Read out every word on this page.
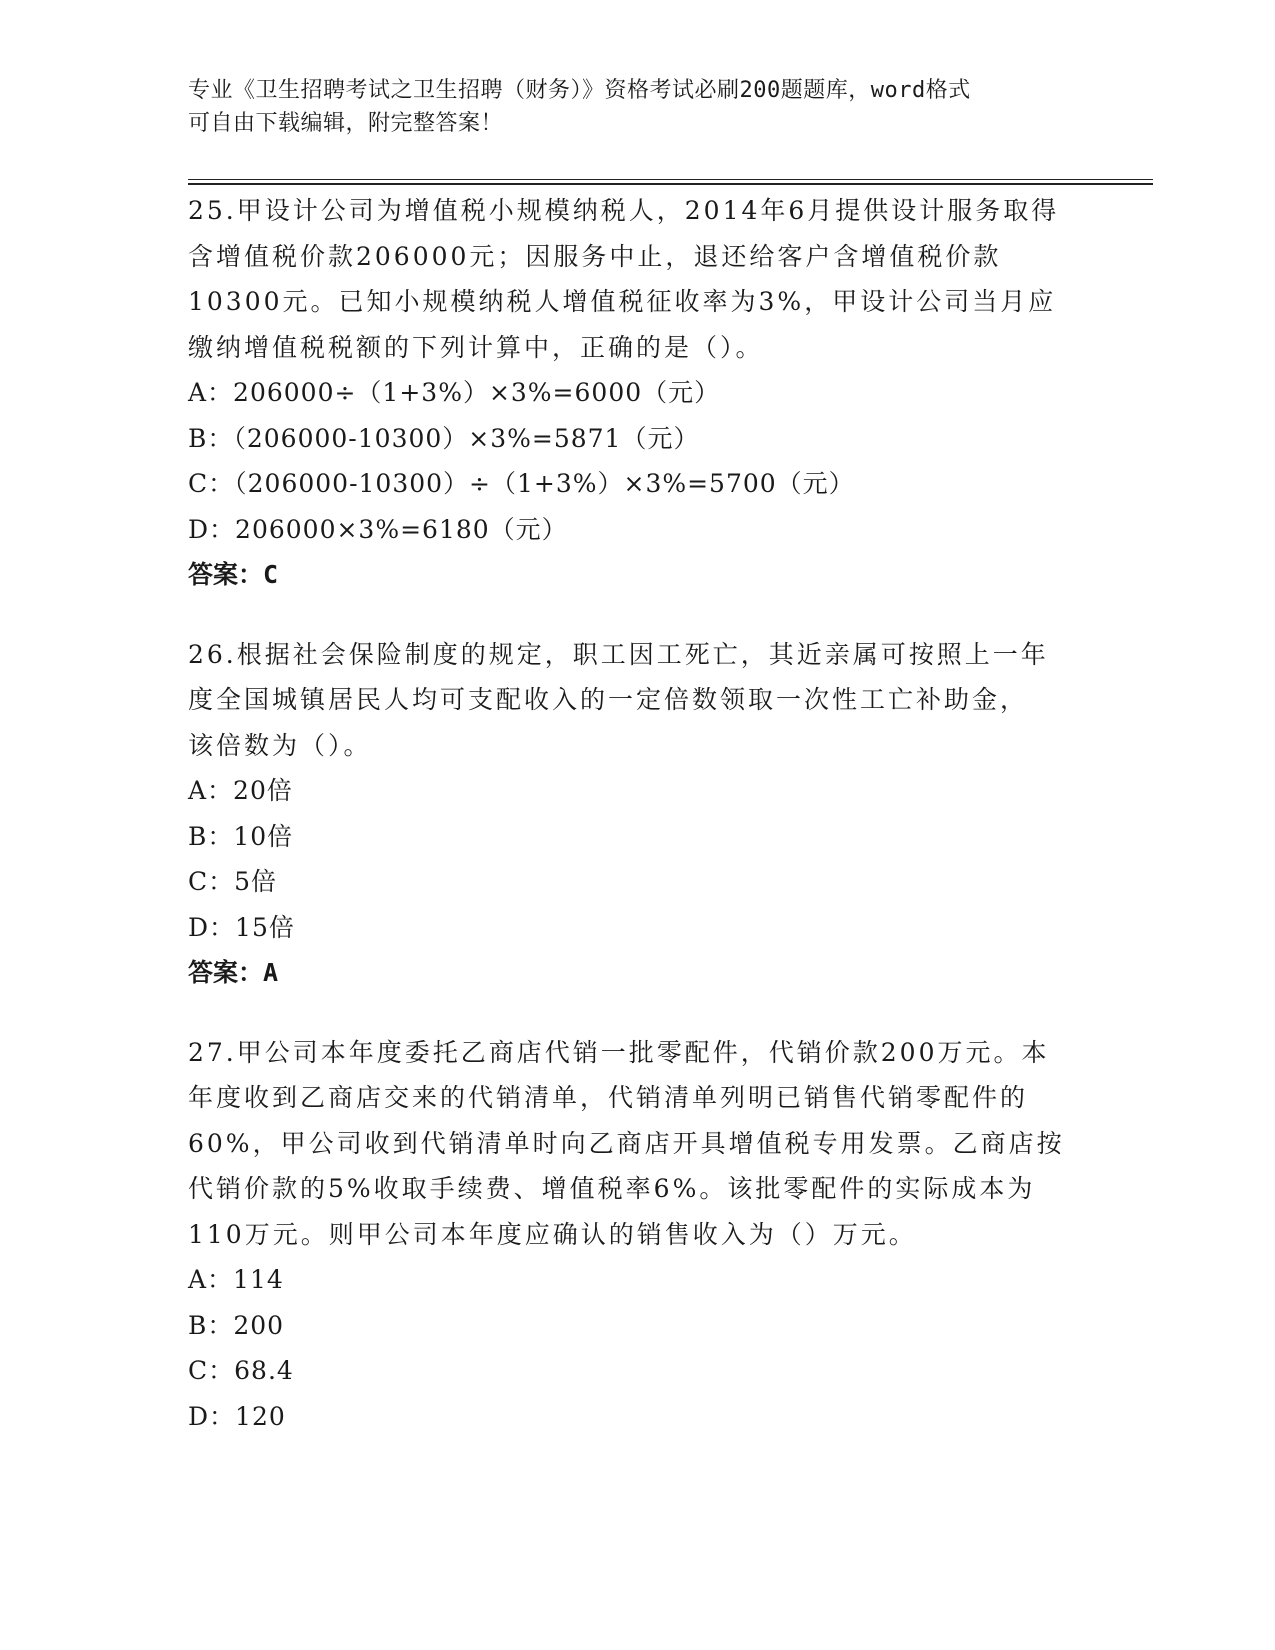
专业《卫生招聘考试之卫生招聘（财务）》资格考试必刷200题题库，word格式
可自由下载编辑，附完整答案！

25.甲设计公司为增值税小规模纳税人，2014年6月提供设计服务取得

含增值税价款206000元；因服务中止，退还给客户含增值税价款

10300元。已知小规模纳税人增值税征收率为3%，甲设计公司当月应

缴纳增值税税额的下列计算中，正确的是（）。

A：206000÷（1+3%）×3%=6000（元）

B：（206000-10300）×3%=5871（元）

C：（206000-10300）÷（1+3%）×3%=5700（元）

D：206000×3%=6180（元）

答案：C

26.根据社会保险制度的规定，职工因工死亡，其近亲属可按照上一年

度全国城镇居民人均可支配收入的一定倍数领取一次性工亡补助金，

该倍数为（）。

A：20倍

B：10倍

C：5倍

D：15倍

答案：A

27.甲公司本年度委托乙商店代销一批零配件，代销价款200万元。本

年度收到乙商店交来的代销清单，代销清单列明已销售代销零配件的

60%，甲公司收到代销清单时向乙商店开具增值税专用发票。乙商店按

代销价款的5%收取手续费、增值税率6%。该批零配件的实际成本为

110万元。则甲公司本年度应确认的销售收入为（）万元。

A：114

B：200

C：68.4

D：120
